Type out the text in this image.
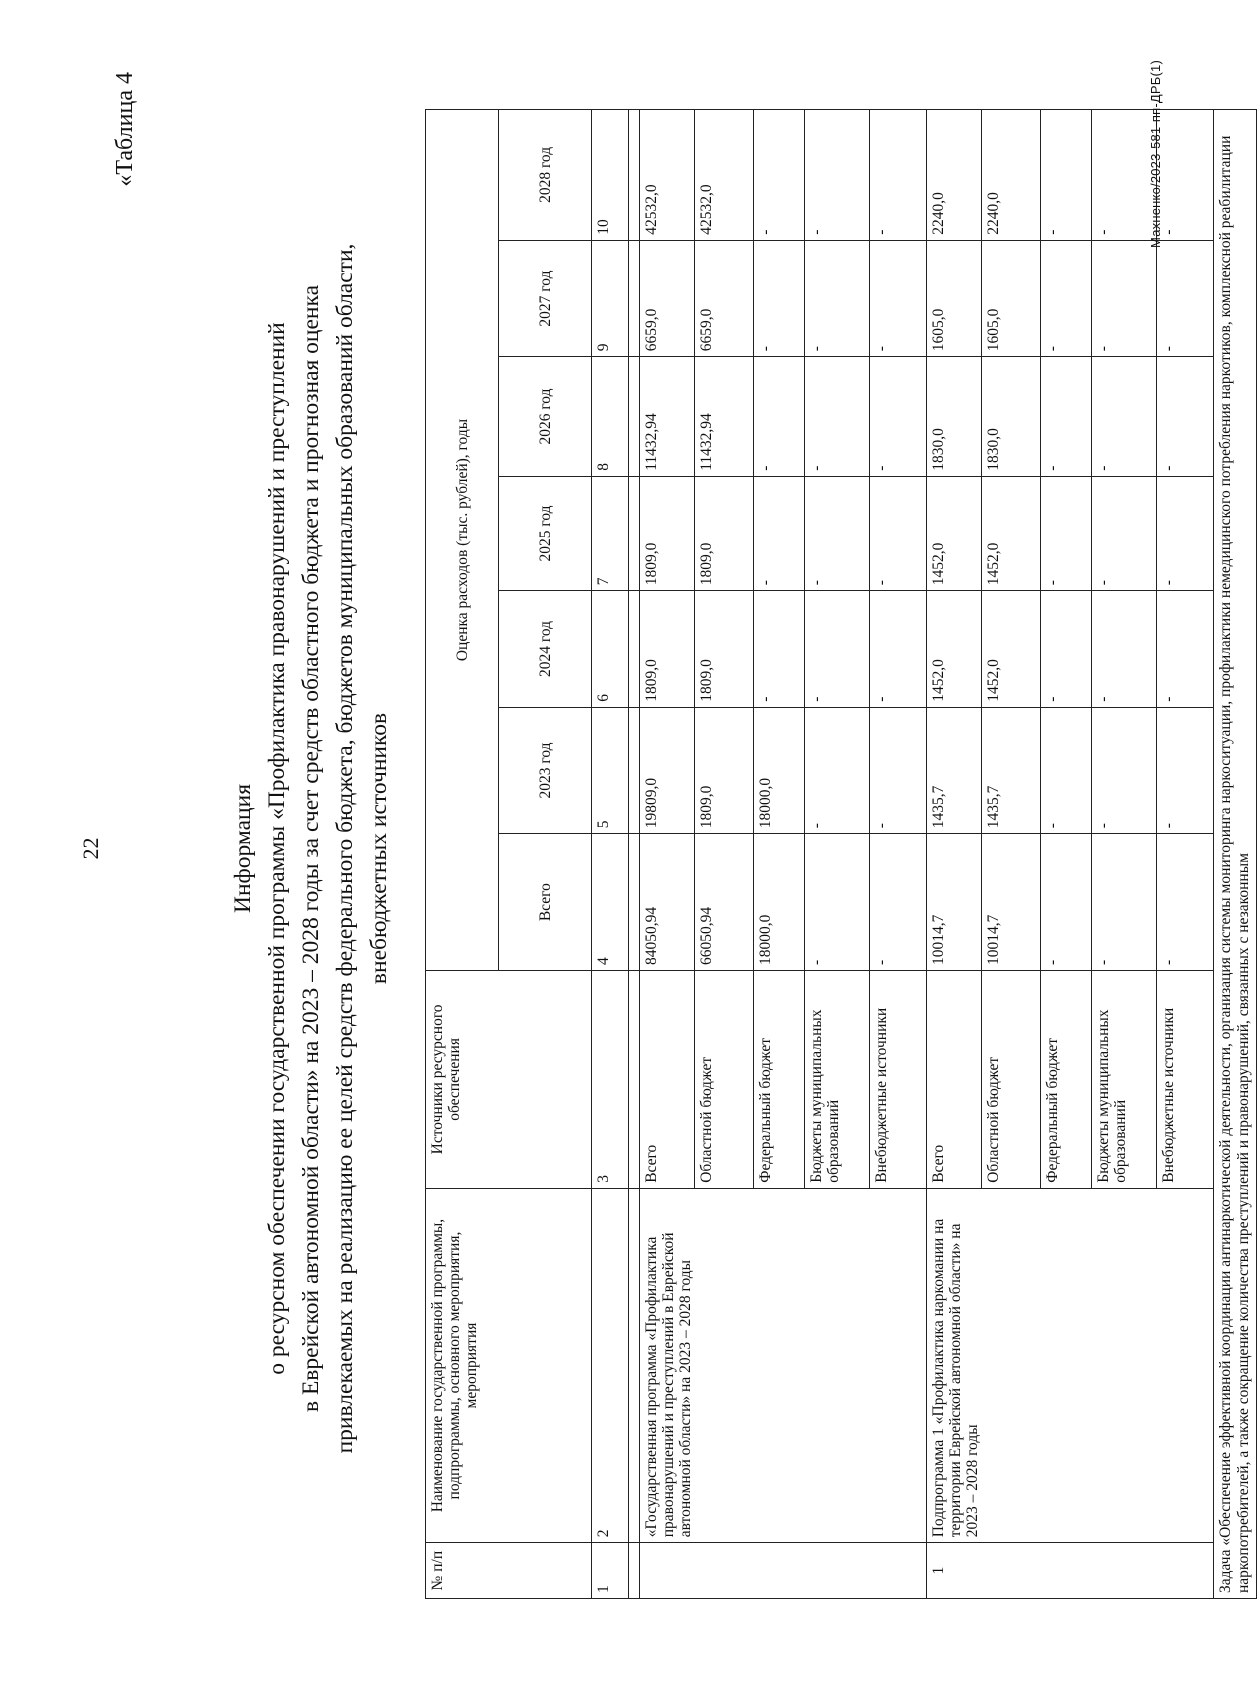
22
«Таблица 4
Информация о ресурсном обеспечении государственной программы «Профилактика правонарушений и преступлений в Еврейской автономной области» на 2023 – 2028 годы за счет средств областного бюджета и прогнозная оценка привлекаемых на реализацию ее целей средств федерального бюджета, бюджетов муниципальных образований области, внебюджетных источников
№ п/п	Наименование государственной программы, подпрограммы, основного мероприятия, мероприятия	Источники ресурсного обеспечения	Оценка расходов (тыс. рублей), годы						
			Всего	2023 год	2024 год	2025 год	2026 год	2027 год	2028 год
1	2	3	4	5	6	7	8	9	10

	«Государственная программа «Профилактика правонарушений и преступлений в Еврейской автономной области» на 2023 – 2028 годы	Всего	84050,94	19809,0	1809,0	1809,0	11432,94	6659,0	42532,0
		Областной бюджет	66050,94	1809,0	1809,0	1809,0	11432,94	6659,0	42532,0
		Федеральный бюджет	18000,0	18000,0	-	-	-	-	-
		Бюджеты муниципальных образований	-	-	-	-	-	-	-
		Внебюджетные источники	-	-	-	-	-	-	-
1	Подпрограмма 1 «Профилактика наркомании на территории Еврейской автономной области» на 2023 – 2028 годы	Всего	10014,7	1435,7	1452,0	1452,0	1830,0	1605,0	2240,0
		Областной бюджет	10014,7	1435,7	1452,0	1452,0	1830,0	1605,0	2240,0
		Федеральный бюджет	-	-	-	-	-	-	-
		Бюджеты муниципальных образований	-	-	-	-	-	-	-
		Внебюджетные источники	-	-	-	-	-	-	-
Задача «Обеспечение эффективной координации антинаркотической деятельности, организация системы мониторинга наркоситуации, профилактики немедицинского потребления наркотиков, комплексной реабилитации наркопотребителей, а также сокращение количества преступлений и правонарушений, связанных с незаконным									
Махненко/2023-581-пп-ДРБ(1)
